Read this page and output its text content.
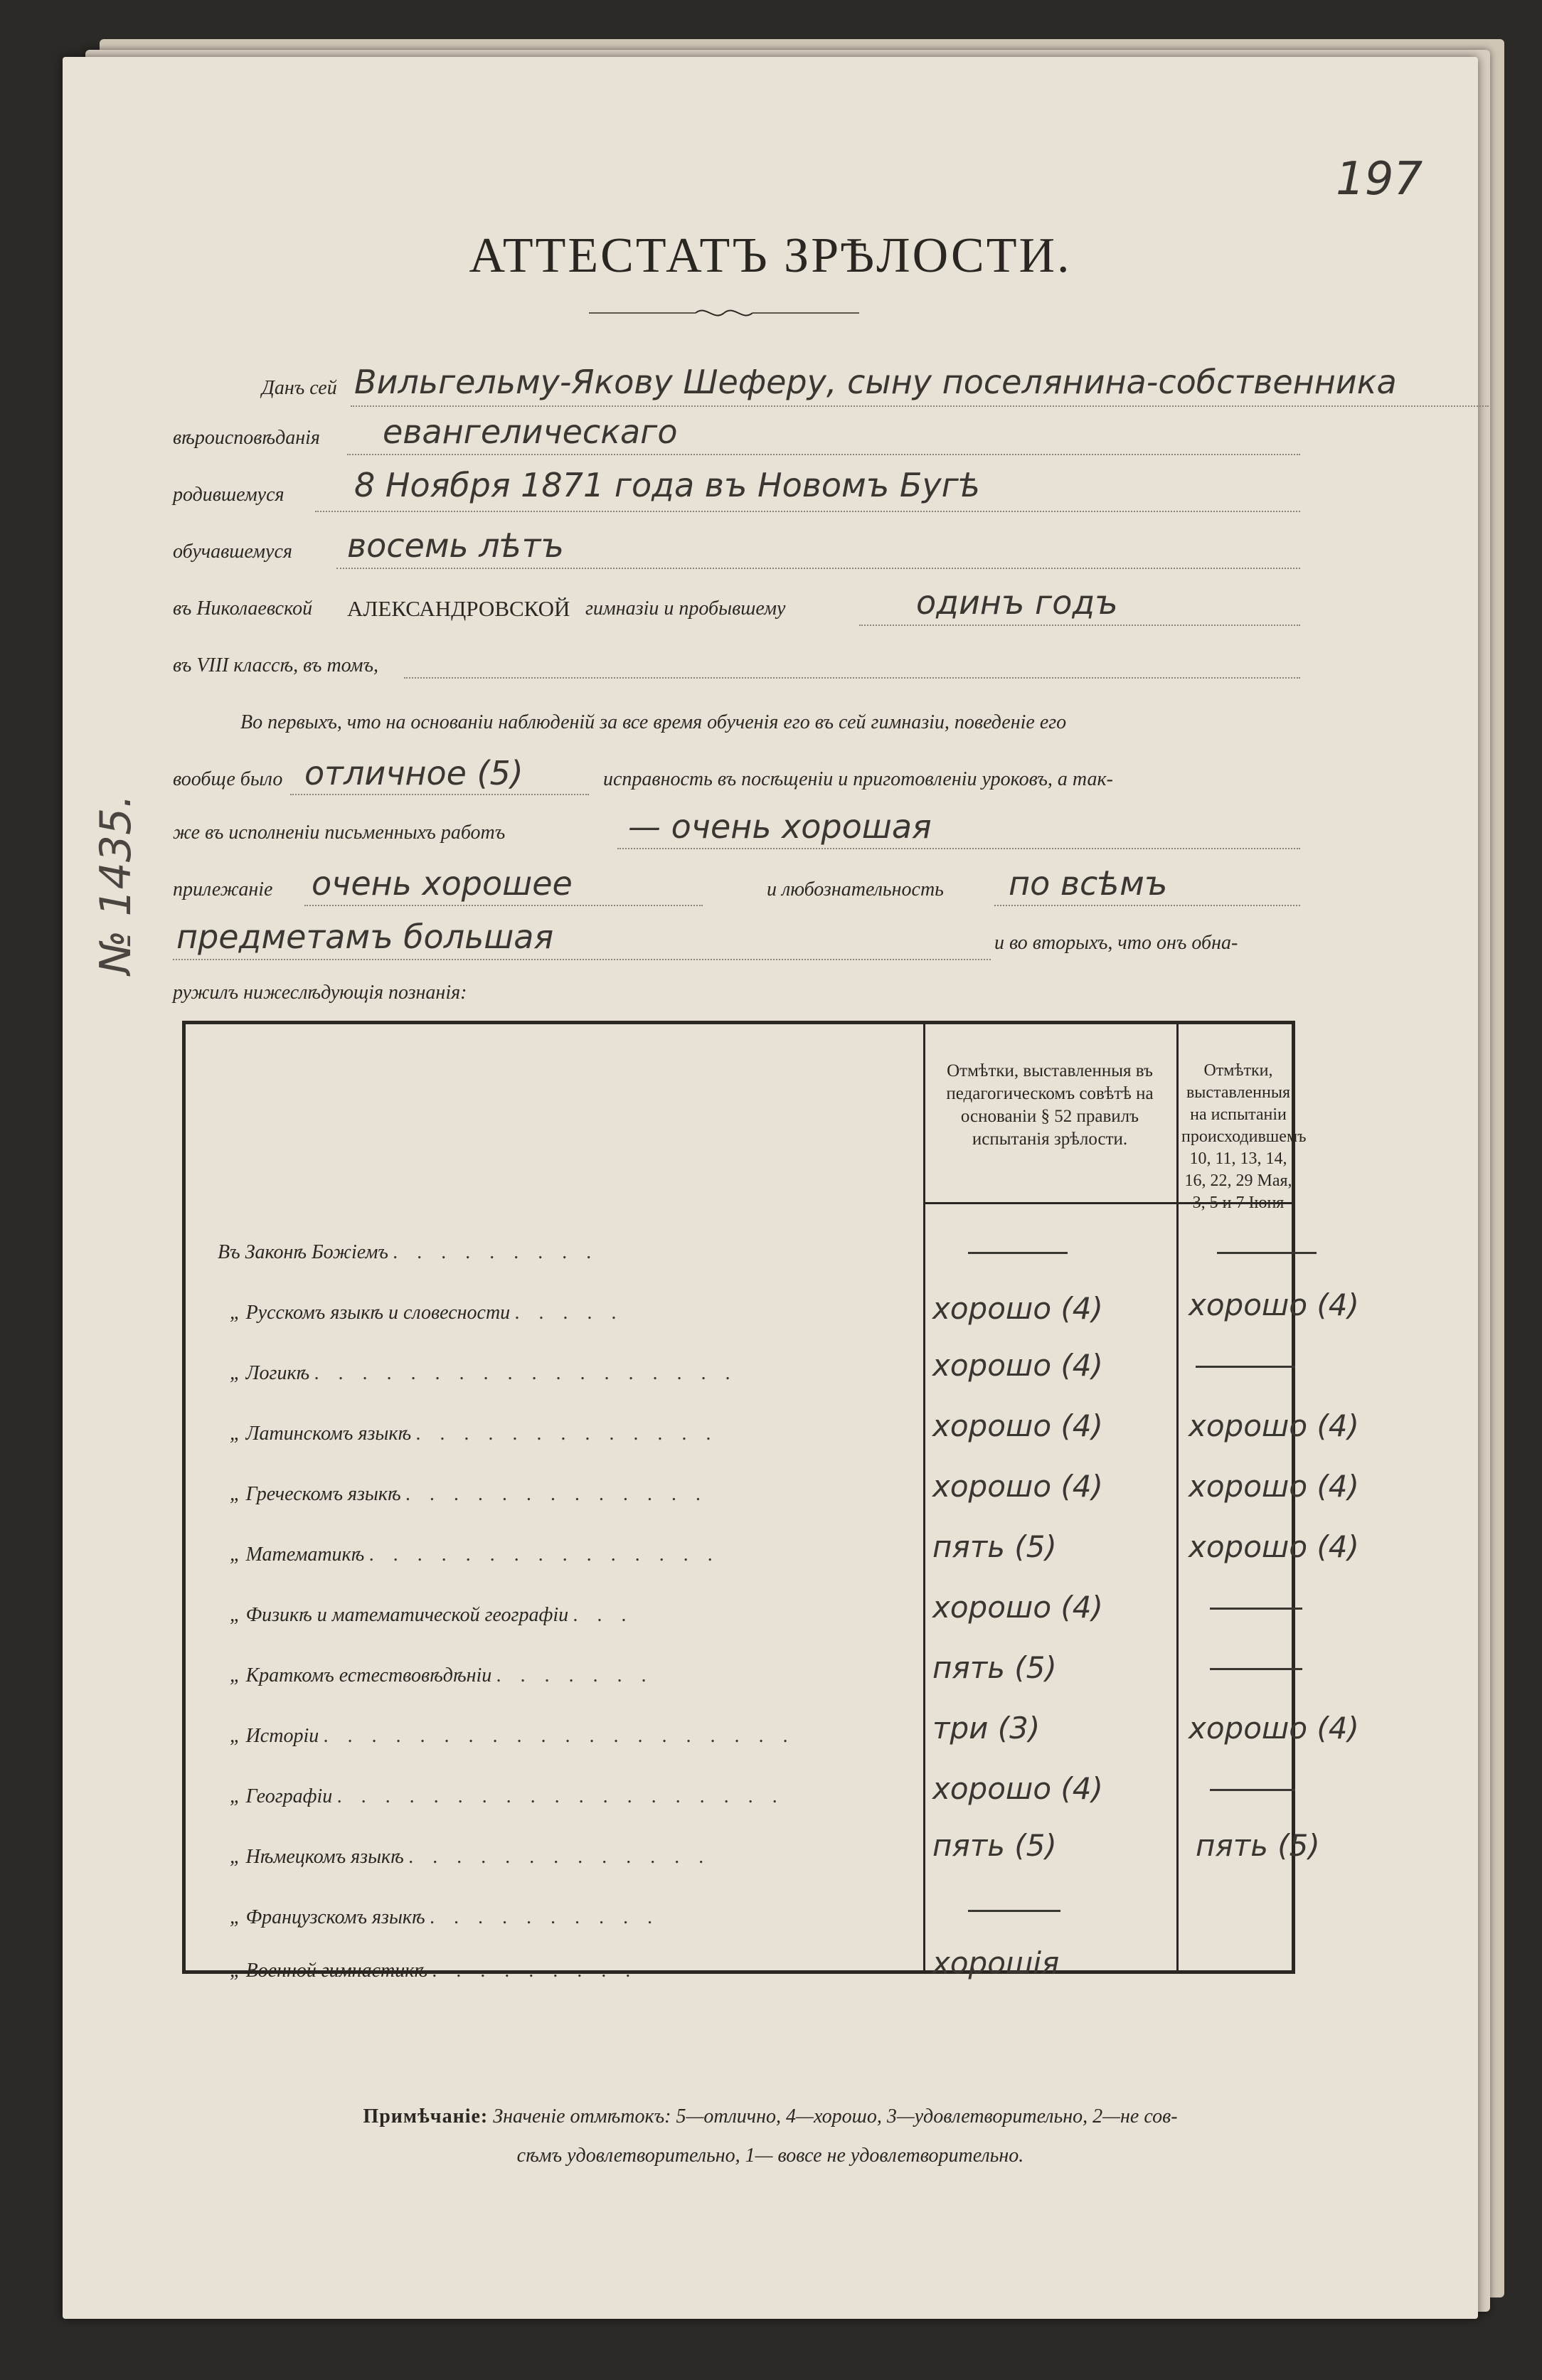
197
АТТЕСТАТЪ ЗРѢЛОСТИ.
№ 1435.
Данъ сей Вильгельму-Якову Шеферу, сыну поселянина-собственника
вѣроисповѣданія евангелическаго
родившемуся 8 Ноября 1871 года въ Новомъ Бугѣ
обучавшемуся восемь лѣтъ
въ Николаевской АЛЕКСАНДРОВСКОЙ гимназіи и пробывшему	одинъ годъ
въ VIII классѣ, въ томъ,
Во первыхъ, что на основаніи наблюденій за все время обученія его въ сей гимназіи, поведеніе его
вообще было отличное (5)	исправность въ посѣщеніи и приготовленіи уроковъ, а так-
же въ исполненіи письменныхъ работъ	— очень хорошая
прилежаніе очень хорошее	и любознательность по всѣмъ
предметамъ большая	и во вторыхъ, что онъ обна-
ружилъ нижеслѣдующія познанія:
Отмѣтки, выставленныя въ педагогическомъ совѣтѣ на основаніи § 52 правилъ испытанія зрѣлости.
Отмѣтки, выставленныя на испытаніи происходившемъ 10, 11, 13, 14, 16, 22, 29 Мая, 3, 5 и 7 Іюня
Въ Законѣ Божіемъ . . . . . . . . .
„ Русскомъ языкѣ и словесности . . . . .	хорошо (4)	хорошо (4)
„ Логикѣ . . . . . . . . . . . . . . . . . .	хорошо (4)
„ Латинскомъ языкѣ . . . . . . . . . . . . .	хорошо (4)	хорошо (4)
„ Греческомъ языкѣ . . . . . . . . . . . . .	хорошо (4)	хорошо (4)
„ Математикѣ . . . . . . . . . . . . . . .	пять (5)	хорошо (4)
„ Физикѣ и математической географіи . . .	хорошо (4)
„ Краткомъ естествовѣдѣніи . . . . . . .	пять (5)
„ Исторіи . . . . . . . . . . . . . . . . . . . .	три (3)	хорошо (4)
„ Географіи . . . . . . . . . . . . . . . . . . .	хорошо (4)
„ Нѣмецкомъ языкѣ . . . . . . . . . . . . .	пять (5)	пять (5)
„ Французскомъ языкѣ . . . . . . . . . .
„ Военной гимнастикѣ . . . . . . . . .	хорошія
Примѣчаніе: Значеніе отмѣтокъ: 5—отлично, 4—хорошо, 3—удовлетворительно, 2—не сов-
сѣмъ удовлетворительно, 1— вовсе не удовлетворительно.
